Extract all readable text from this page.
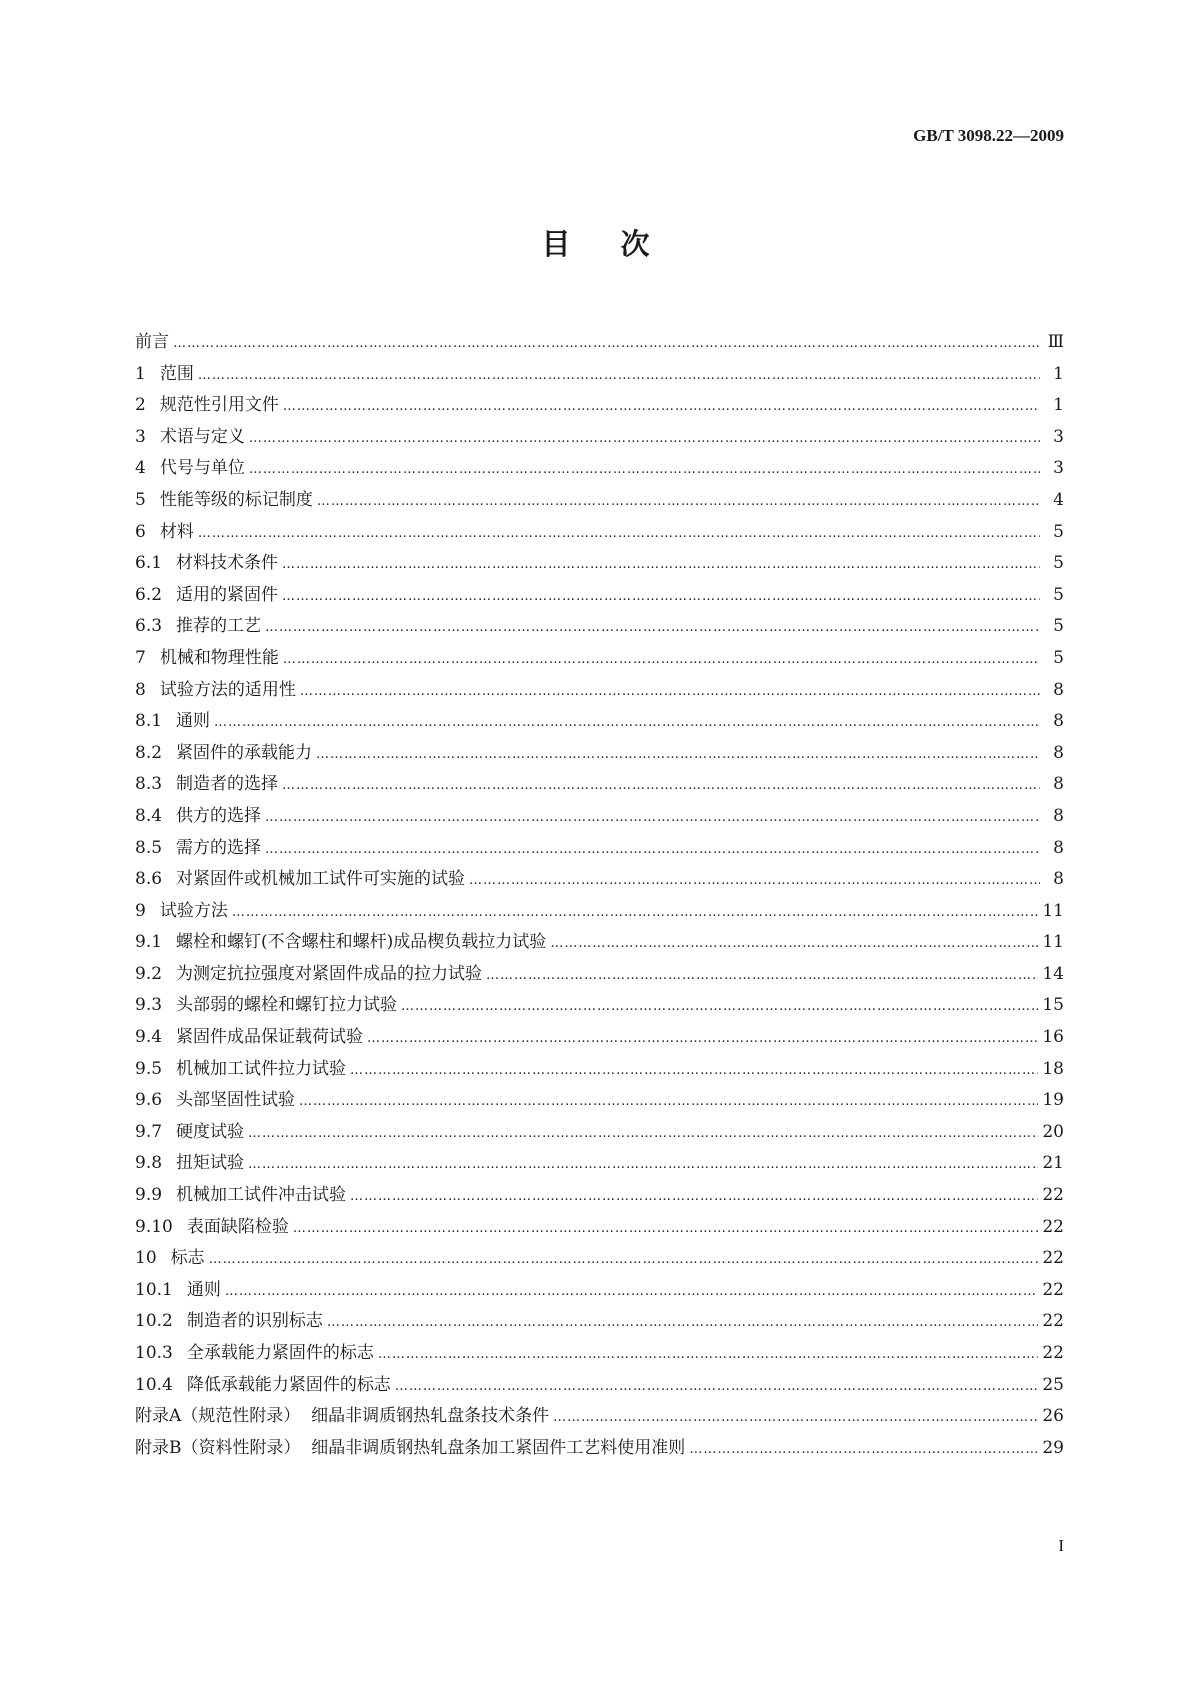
GB/T 3098.22—2009
目次
前言 ……………………………………………………………………………………………………………………………………………………………………………………………………………………………………	Ⅲ
1 范围 ……………………………………………………………………………………………………………………………………………………………………………………………………………………………………	1
2 规范性引用文件 ……………………………………………………………………………………………………………………………………………………………………………………………………………………………………	1
3 术语与定义 ……………………………………………………………………………………………………………………………………………………………………………………………………………………………………	3
4 代号与单位 ……………………………………………………………………………………………………………………………………………………………………………………………………………………………………	3
5 性能等级的标记制度 ……………………………………………………………………………………………………………………………………………………………………………………………………………………………………	4
6 材料 ……………………………………………………………………………………………………………………………………………………………………………………………………………………………………	5
6.1 材料技术条件 ……………………………………………………………………………………………………………………………………………………………………………………………………………………………………	5
6.2 适用的紧固件 ……………………………………………………………………………………………………………………………………………………………………………………………………………………………………	5
6.3 推荐的工艺 ……………………………………………………………………………………………………………………………………………………………………………………………………………………………………	5
7 机械和物理性能 ……………………………………………………………………………………………………………………………………………………………………………………………………………………………………	5
8 试验方法的适用性 ……………………………………………………………………………………………………………………………………………………………………………………………………………………………………	8
8.1 通则 ……………………………………………………………………………………………………………………………………………………………………………………………………………………………………	8
8.2 紧固件的承载能力 ……………………………………………………………………………………………………………………………………………………………………………………………………………………………………	8
8.3 制造者的选择 ……………………………………………………………………………………………………………………………………………………………………………………………………………………………………	8
8.4 供方的选择 ……………………………………………………………………………………………………………………………………………………………………………………………………………………………………	8
8.5 需方的选择 ……………………………………………………………………………………………………………………………………………………………………………………………………………………………………	8
8.6 对紧固件或机械加工试件可实施的试验 ……………………………………………………………………………………………………………………………………………………………………………………………………………………………………	8
9 试验方法 ……………………………………………………………………………………………………………………………………………………………………………………………………………………………………	11
9.1 螺栓和螺钉(不含螺柱和螺杆)成品楔负载拉力试验 ……………………………………………………………………………………………………………………………………………………………………………………………………………………………………	11
9.2 为测定抗拉强度对紧固件成品的拉力试验 ……………………………………………………………………………………………………………………………………………………………………………………………………………………………………	14
9.3 头部弱的螺栓和螺钉拉力试验 ……………………………………………………………………………………………………………………………………………………………………………………………………………………………………	15
9.4 紧固件成品保证载荷试验 ……………………………………………………………………………………………………………………………………………………………………………………………………………………………………	16
9.5 机械加工试件拉力试验 ……………………………………………………………………………………………………………………………………………………………………………………………………………………………………	18
9.6 头部坚固性试验 ……………………………………………………………………………………………………………………………………………………………………………………………………………………………………	19
9.7 硬度试验 ……………………………………………………………………………………………………………………………………………………………………………………………………………………………………	20
9.8 扭矩试验 ……………………………………………………………………………………………………………………………………………………………………………………………………………………………………	21
9.9 机械加工试件冲击试验 ……………………………………………………………………………………………………………………………………………………………………………………………………………………………………	22
9.10 表面缺陷检验 ……………………………………………………………………………………………………………………………………………………………………………………………………………………………………	22
10 标志 ……………………………………………………………………………………………………………………………………………………………………………………………………………………………………	22
10.1 通则 ……………………………………………………………………………………………………………………………………………………………………………………………………………………………………	22
10.2 制造者的识别标志 ……………………………………………………………………………………………………………………………………………………………………………………………………………………………………	22
10.3 全承载能力紧固件的标志 ……………………………………………………………………………………………………………………………………………………………………………………………………………………………………	22
10.4 降低承载能力紧固件的标志 ……………………………………………………………………………………………………………………………………………………………………………………………………………………………………	25
附录A（规范性附录）  细晶非调质钢热轧盘条技术条件 ……………………………………………………………………………………………………………………………………………………………………………………………………………………………………	26
附录B（资料性附录）  细晶非调质钢热轧盘条加工紧固件工艺料使用准则 ……………………………………………………………………………………………………………………………………………………………………………………………………………………………………	29
I
